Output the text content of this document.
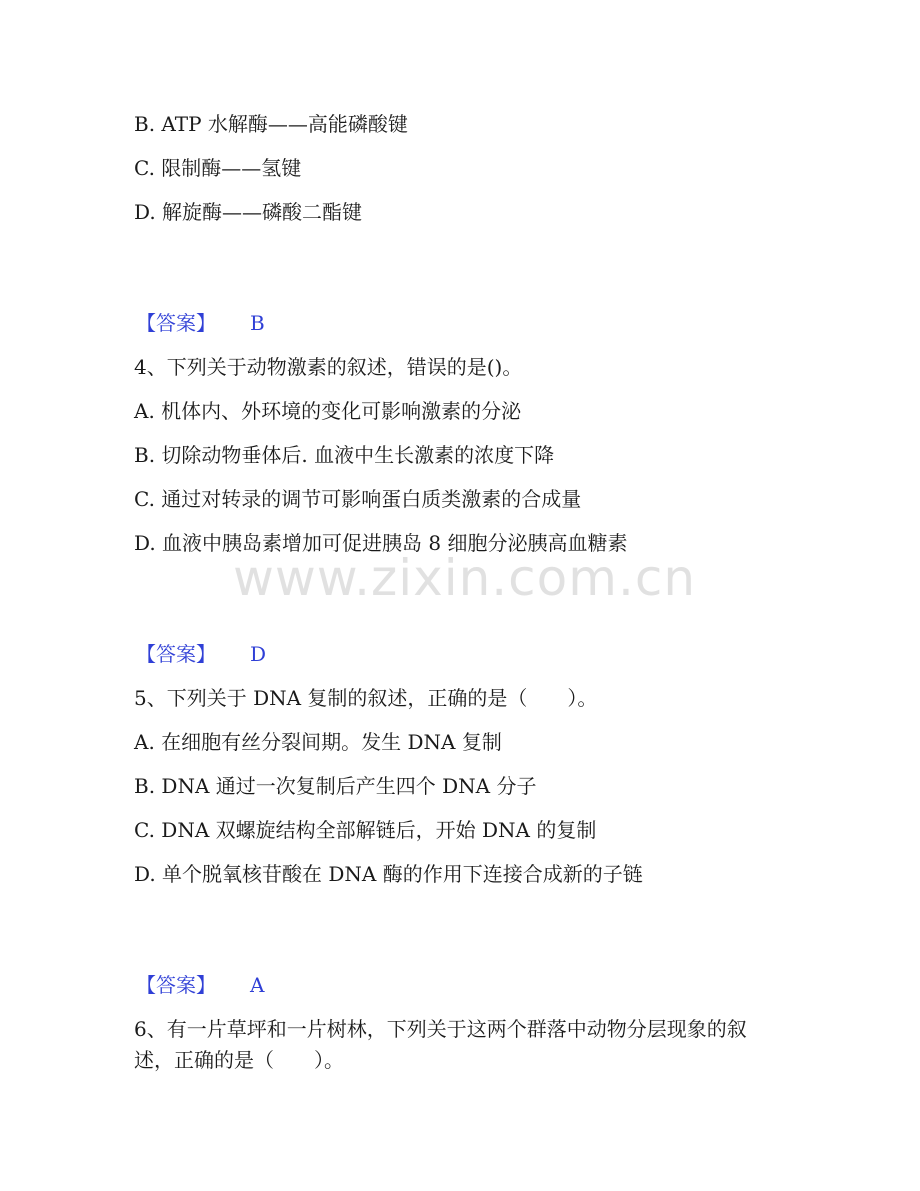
B. ATP 水解酶——高能磷酸键
C. 限制酶——氢键
D. 解旋酶——磷酸二酯键
【答案】 B
4、下列关于动物激素的叙述，错误的是()。
A. 机体内、外环境的变化可影响激素的分泌
B. 切除动物垂体后. 血液中生长激素的浓度下降
C. 通过对转录的调节可影响蛋白质类激素的合成量
D. 血液中胰岛素增加可促进胰岛 8 细胞分泌胰高血糖素
【答案】 D
5、下列关于 DNA 复制的叙述，正确的是（　　）。
A. 在细胞有丝分裂间期。发生 DNA 复制
B. DNA 通过一次复制后产生四个 DNA 分子
C. DNA 双螺旋结构全部解链后，开始 DNA 的复制
D. 单个脱氧核苷酸在 DNA 酶的作用下连接合成新的子链
【答案】 A
6、有一片草坪和一片树林，下列关于这两个群落中动物分层现象的叙
述，正确的是（　　）。
www.zixin.com.cn
